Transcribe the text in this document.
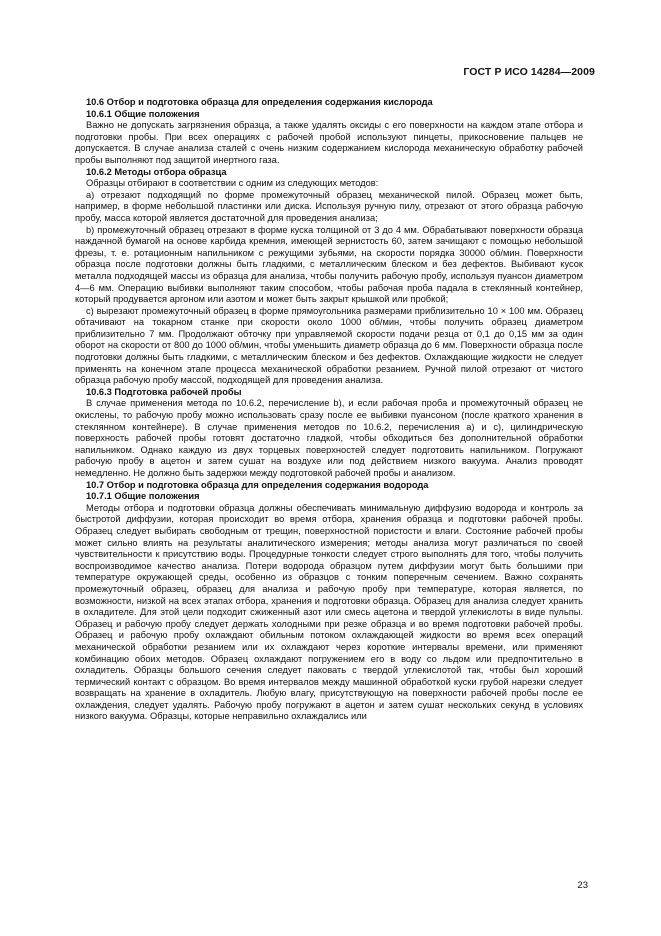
ГОСТ Р ИСО 14284—2009

10.6 Отбор и подготовка образца для определения содержания кислорода

10.6.1 Общие положения

Важно не допускать загрязнения образца, а также удалять оксиды с его поверхности на каждом этапе отбора и подготовки пробы. При всех операциях с рабочей пробой используют пинцеты, прикосновение пальцев не допускается. В случае анализа сталей с очень низким содержанием кислорода механическую обработку рабочей пробы выполняют под защитой инертного газа.

10.6.2 Методы отбора образца

Образцы отбирают в соответствии с одним из следующих методов:

а) отрезают подходящий по форме промежуточный образец механической пилой. Образец может быть, например, в форме небольшой пластинки или диска. Используя ручную пилу, отрезают от этого образца рабочую пробу, масса которой является достаточной для проведения анализа;

b) промежуточный образец отрезают в форме куска толщиной от 3 до 4 мм. Обрабатывают поверхности образца наждачной бумагой на основе карбида кремния, имеющей зернистость 60, затем зачищают с помощью небольшой фрезы, т. е. ротационным напильником с режущими зубьями, на скорости порядка 30000 об/мин. Поверхности образца после подготовки должны быть гладкими, с металлическим блеском и без дефектов. Выбивают кусок металла подходящей массы из образца для анализа, чтобы получить рабочую пробу, используя пуансон диаметром 4—6 мм. Операцию выбивки выполняют таким способом, чтобы рабочая проба падала в стеклянный контейнер, который продувается аргоном или азотом и может быть закрыт крышкой или пробкой;

с) вырезают промежуточный образец в форме прямоугольника размерами приблизительно 10 × 100 мм. Образец обтачивают на токарном станке при скорости около 1000 об/мин, чтобы получить образец диаметром приблизительно 7 мм. Продолжают обточку при управляемой скорости подачи резца от 0,1 до 0,15 мм за один оборот на скорости от 800 до 1000 об/мин, чтобы уменьшить диаметр образца до 6 мм. Поверхности образца после подготовки должны быть гладкими, с металлическим блеском и без дефектов. Охлаждающие жидкости не следует применять на конечном этапе процесса механической обработки резанием. Ручной пилой отрезают от чистого образца рабочую пробу массой, подходящей для проведения анализа.

10.6.3 Подготовка рабочей пробы

В случае применения метода по 10.6.2, перечисление b), и если рабочая проба и промежуточный образец не окислены, то рабочую пробу можно использовать сразу после ее выбивки пуансоном (после краткого хранения в стеклянном контейнере). В случае применения методов по 10.6.2, перечисления а) и с), цилиндрическую поверхность рабочей пробы готовят достаточно гладкой, чтобы обходиться без дополнительной обработки напильником. Однако каждую из двух торцевых поверхностей следует подготовить напильником. Погружают рабочую пробу в ацетон и затем сушат на воздухе или под действием низкого вакуума. Анализ проводят немедленно. Не должно быть задержки между подготовкой рабочей пробы и анализом.

10.7 Отбор и подготовка образца для определения содержания водорода

10.7.1 Общие положения

Методы отбора и подготовки образца должны обеспечивать минимальную диффузию водорода и контроль за быстротой диффузии, которая происходит во время отбора, хранения образца и подготовки рабочей пробы. Образец следует выбирать свободным от трещин, поверхностной пористости и влаги. Состояние рабочей пробы может сильно влиять на результаты аналитического измерения; методы анализа могут различаться по своей чувствительности к присутствию воды. Процедурные тонкости следует строго выполнять для того, чтобы получить воспроизводимое качество анализа. Потери водорода образцом путем диффузии могут быть большими при температуре окружающей среды, особенно из образцов с тонким поперечным сечением. Важно сохранять промежуточный образец, образец для анализа и рабочую пробу при температуре, которая является, по возможности, низкой на всех этапах отбора, хранения и подготовки образца. Образец для анализа следует хранить в охладителе. Для этой цели подходит сжиженный азот или смесь ацетона и твердой углекислоты в виде пульпы. Образец и рабочую пробу следует держать холодными при резке образца и во время подготовки рабочей пробы. Образец и рабочую пробу охлаждают обильным потоком охлаждающей жидкости во время всех операций механической обработки резанием или их охлаждают через короткие интервалы времени, или применяют комбинацию обоих методов. Образец охлаждают погружением его в воду со льдом или предпочтительно в охладитель. Образцы большого сечения следует паковать с твердой углекислотой так, чтобы был хороший термический контакт с образцом. Во время интервалов между машинной обработкой куски грубой нарезки следует возвращать на хранение в охладитель. Любую влагу, присутствующую на поверхности рабочей пробы после ее охлаждения, следует удалять. Рабочую пробу погружают в ацетон и затем сушат нескольких секунд в условиях низкого вакуума. Образцы, которые неправильно охлаждались или

23
